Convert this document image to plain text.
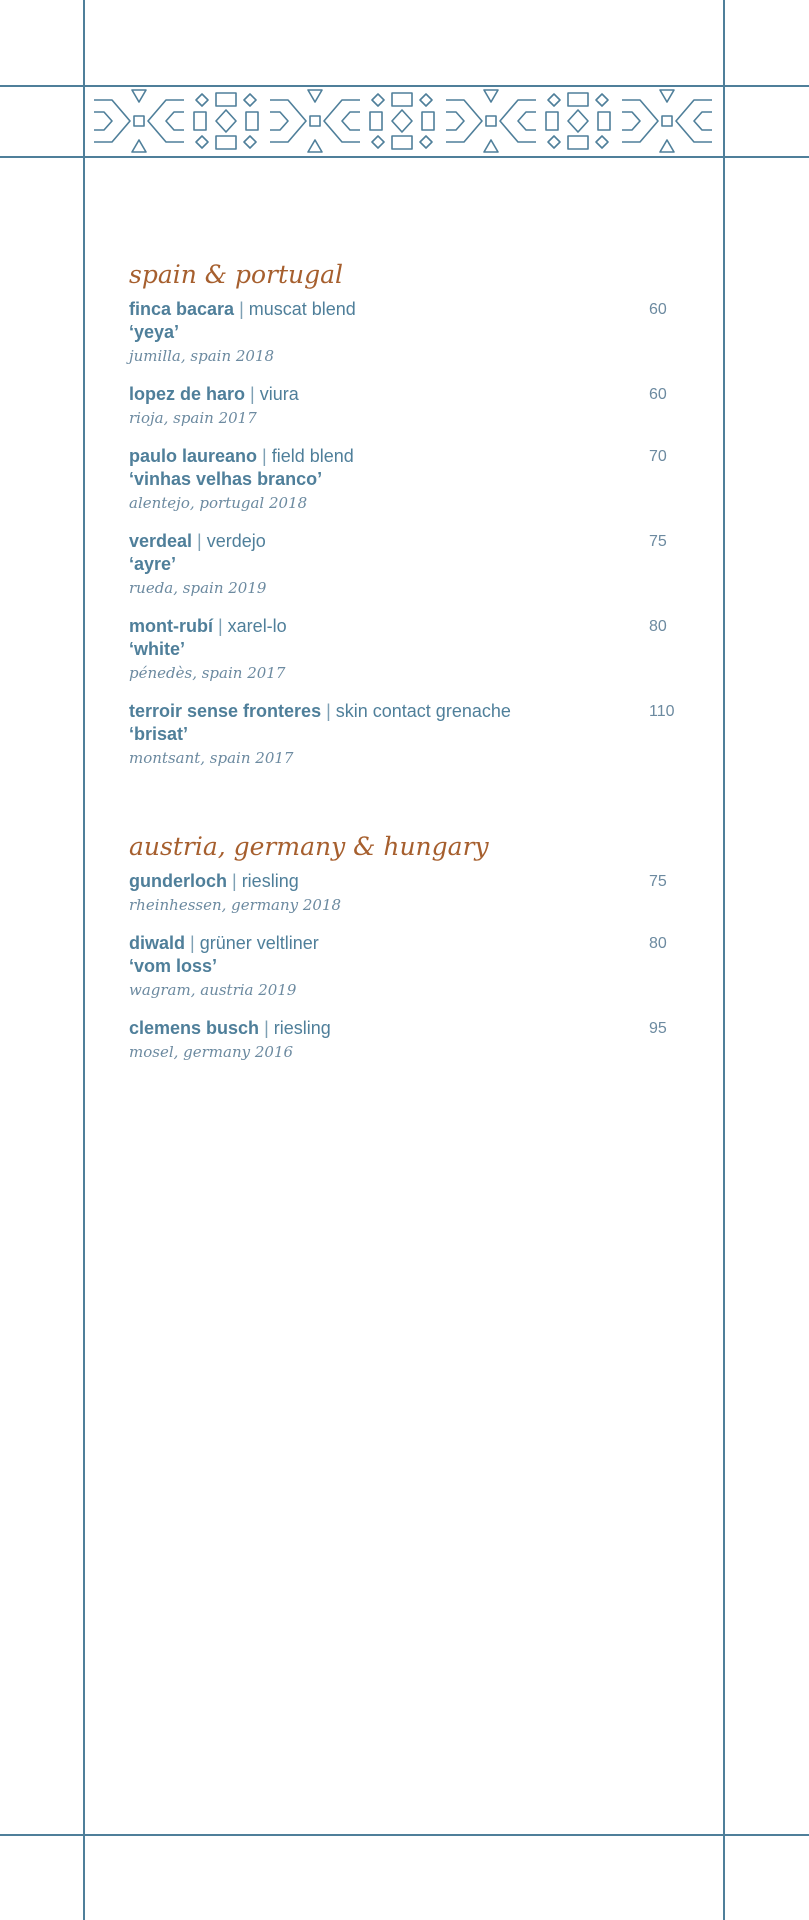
spain & portugal
finca bacara | muscat blend
‘yeya’
jumilla, spain 2018
60
lopez de haro | viura
rioja, spain 2017
60
paulo laureano | field blend
‘vinhas velhas branco’
alentejo, portugal 2018
70
verdeal | verdejo
‘ayre’
rueda, spain 2019
75
mont-rubí | xarel-lo
‘white’
pénedès, spain 2017
80
terroir sense fronteres | skin contact grenache
‘brisat’
montsant, spain 2017
110
austria, germany & hungary
gunderloch | riesling
rheinhessen, germany 2018
75
diwald | grüner veltliner
‘vom loss’
wagram, austria 2019
80
clemens busch | riesling
mosel, germany 2016
95
